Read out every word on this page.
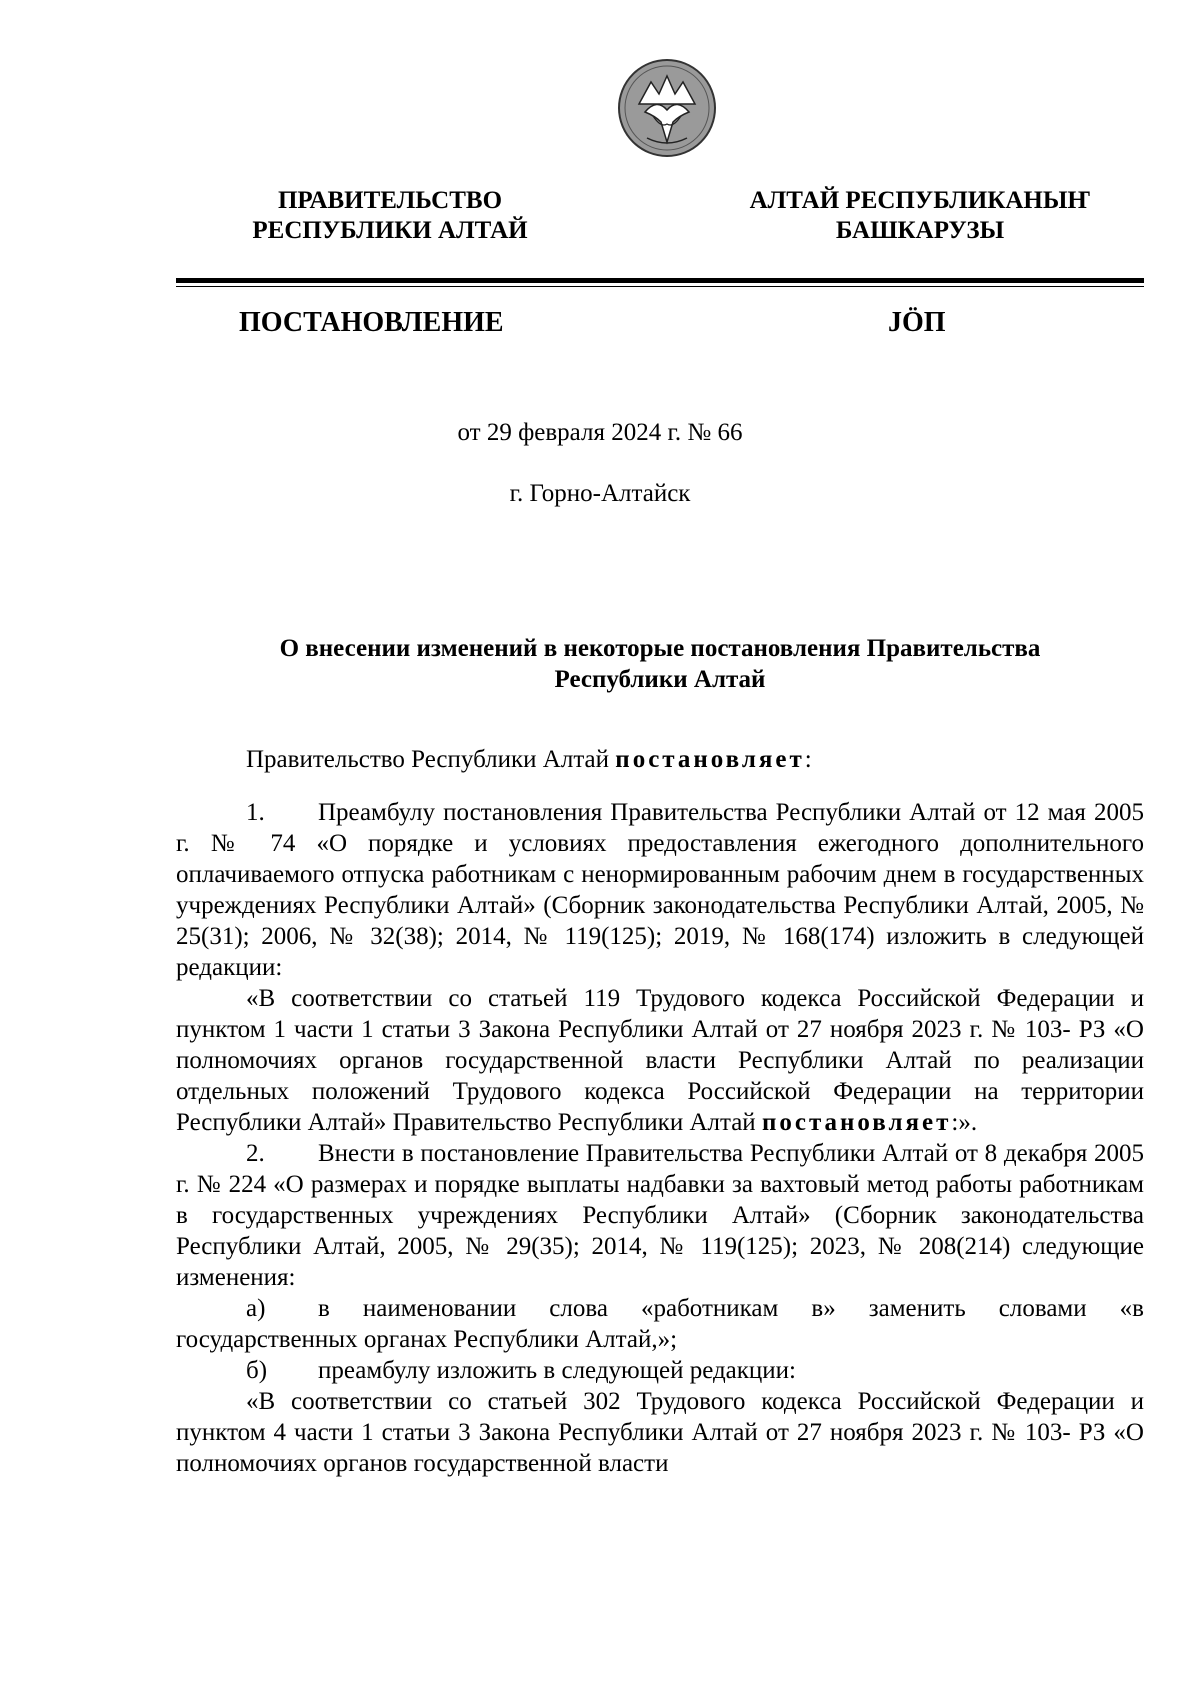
ПРАВИТЕЛЬСТВО
РЕСПУБЛИКИ АЛТАЙ
АЛТАЙ РЕСПУБЛИКАНЫҤ
БАШКАРУЗЫ
ПОСТАНОВЛЕНИЕ	JÖП
от 29 февраля 2024 г. № 66
г. Горно-Алтайск
О внесении изменений в некоторые постановления Правительства
Республики Алтай

Правительство Республики Алтай постановляет:

1. Преамбулу постановления Правительства Республики Алтай от 12 мая 2005 г. № 74 «О порядке и условиях предоставления ежегодного дополнительного оплачиваемого отпуска работникам с ненормированным рабочим днем в государственных учреждениях Республики Алтай» (Сборник законодательства Республики Алтай, 2005, № 25(31); 2006, № 32(38); 2014, № 119(125); 2019, № 168(174) изложить в следующей редакции:

«В соответствии со статьей 119 Трудового кодекса Российской Федерации и пунктом 1 части 1 статьи 3 Закона Республики Алтай от 27 ноября 2023 г. № 103- РЗ «О полномочиях органов государственной власти Республики Алтай по реализации отдельных положений Трудового кодекса Российской Федерации на территории Республики Алтай» Правительство Республики Алтай постановляет:».

2. Внести в постановление Правительства Республики Алтай от 8 декабря 2005 г. № 224 «О размерах и порядке выплаты надбавки за вахтовый метод работы работникам в государственных учреждениях Республики Алтай» (Сборник законодательства Республики Алтай, 2005, № 29(35); 2014, № 119(125); 2023, № 208(214) следующие изменения:

а) в наименовании слова «работникам в» заменить словами «в государственных органах Республики Алтай,»;

б) преамбулу изложить в следующей редакции:

«В соответствии со статьей 302 Трудового кодекса Российской Федерации и пунктом 4 части 1 статьи 3 Закона Республики Алтай от 27 ноября 2023 г. № 103- РЗ «О полномочиях органов государственной власти
